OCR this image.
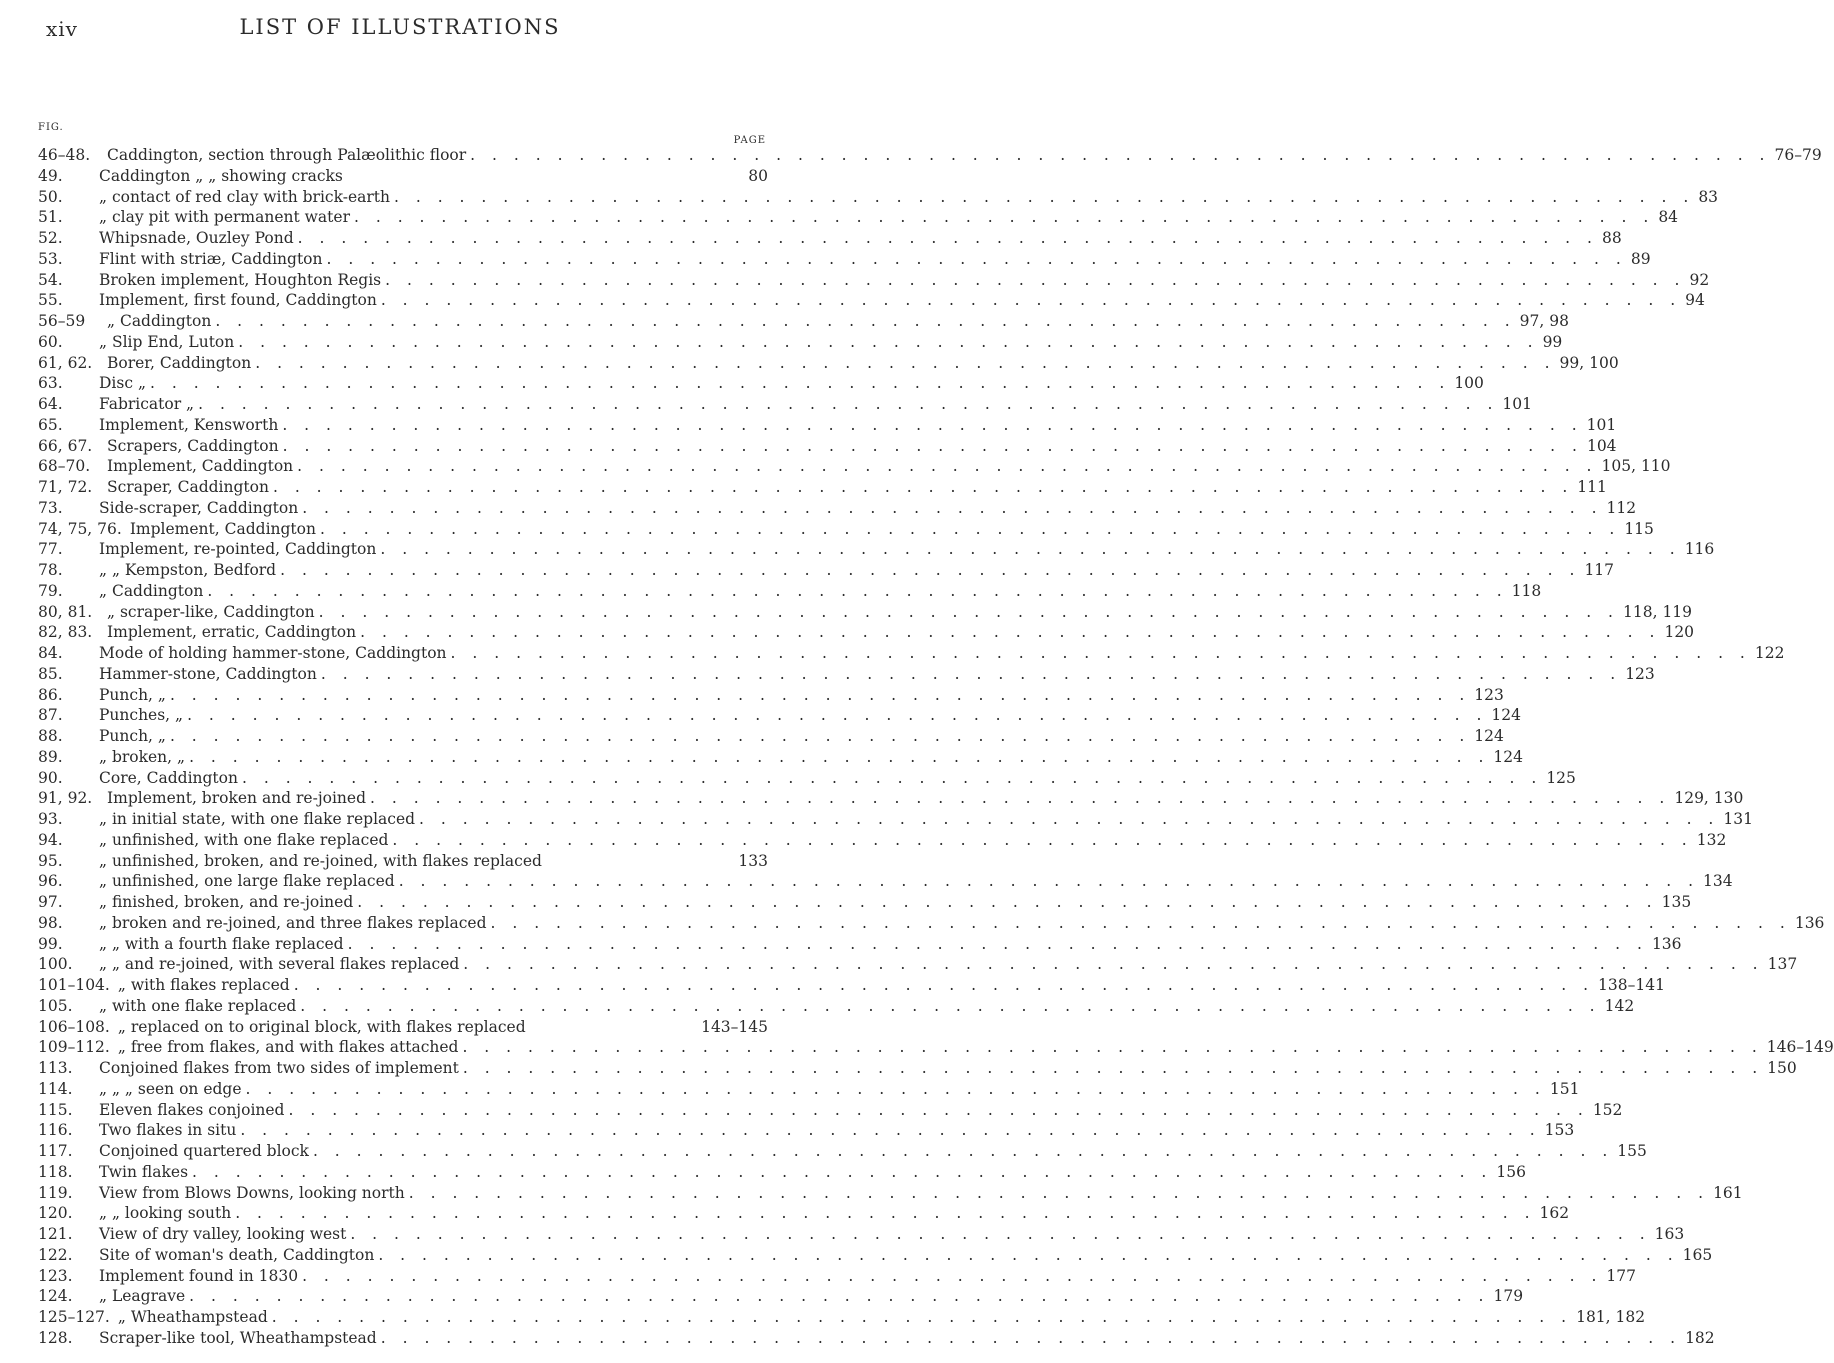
xiv	LIST OF ILLUSTRATIONS
FIG.
PAGE
46–48.	Caddington, section through Palæolithic floor . . . . . . . . . . . . . . . . . . . . . . . . . . . . . . . . . . . . . . . . . . . . . . . . . . . . . . . . . . . . 76–79
49.	Caddington „ „ showing cracks	80
50.	„ contact of red clay with brick-earth . . . . . . . . . . . . . . . . . . . . . . . . . . . . . . . . . . . . . . . . . . . . . . . . . . . . . . . . . . . . 83
51.	„ clay pit with permanent water . . . . . . . . . . . . . . . . . . . . . . . . . . . . . . . . . . . . . . . . . . . . . . . . . . . . . . . . . . . . 84
52.	Whipsnade, Ouzley Pond . . . . . . . . . . . . . . . . . . . . . . . . . . . . . . . . . . . . . . . . . . . . . . . . . . . . . . . . . . . . 88
53.	Flint with striæ, Caddington . . . . . . . . . . . . . . . . . . . . . . . . . . . . . . . . . . . . . . . . . . . . . . . . . . . . . . . . . . . . 89
54.	Broken implement, Houghton Regis . . . . . . . . . . . . . . . . . . . . . . . . . . . . . . . . . . . . . . . . . . . . . . . . . . . . . . . . . . . . 92
55.	Implement, first found, Caddington . . . . . . . . . . . . . . . . . . . . . . . . . . . . . . . . . . . . . . . . . . . . . . . . . . . . . . . . . . . . 94
56–59	„ Caddington . . . . . . . . . . . . . . . . . . . . . . . . . . . . . . . . . . . . . . . . . . . . . . . . . . . . . . . . . . . . 97, 98
60.	„ Slip End, Luton . . . . . . . . . . . . . . . . . . . . . . . . . . . . . . . . . . . . . . . . . . . . . . . . . . . . . . . . . . . . 99
61, 62. Borer, Caddington . . . . . . . . . . . . . . . . . . . . . . . . . . . . . . . . . . . . . . . . . . . . . . . . . . . . . . . . . . . . 99, 100
63.	Disc „ . . . . . . . . . . . . . . . . . . . . . . . . . . . . . . . . . . . . . . . . . . . . . . . . . . . . . . . . . . . . 100
64.	Fabricator „ . . . . . . . . . . . . . . . . . . . . . . . . . . . . . . . . . . . . . . . . . . . . . . . . . . . . . . . . . . . . 101
65.	Implement, Kensworth . . . . . . . . . . . . . . . . . . . . . . . . . . . . . . . . . . . . . . . . . . . . . . . . . . . . . . . . . . . . 101
66, 67. Scrapers, Caddington . . . . . . . . . . . . . . . . . . . . . . . . . . . . . . . . . . . . . . . . . . . . . . . . . . . . . . . . . . . . 104
68–70.	Implement, Caddington . . . . . . . . . . . . . . . . . . . . . . . . . . . . . . . . . . . . . . . . . . . . . . . . . . . . . . . . . . . . 105, 110
71, 72. Scraper, Caddington . . . . . . . . . . . . . . . . . . . . . . . . . . . . . . . . . . . . . . . . . . . . . . . . . . . . . . . . . . . . 111
73.	Side-scraper, Caddington . . . . . . . . . . . . . . . . . . . . . . . . . . . . . . . . . . . . . . . . . . . . . . . . . . . . . . . . . . . . 112
74, 75, 76. Implement, Caddington . . . . . . . . . . . . . . . . . . . . . . . . . . . . . . . . . . . . . . . . . . . . . . . . . . . . . . . . . . . . 115
77.	Implement, re-pointed, Caddington . . . . . . . . . . . . . . . . . . . . . . . . . . . . . . . . . . . . . . . . . . . . . . . . . . . . . . . . . . . . 116
78.	„ „ Kempston, Bedford . . . . . . . . . . . . . . . . . . . . . . . . . . . . . . . . . . . . . . . . . . . . . . . . . . . . . . . . . . . . 117
79.	„ Caddington . . . . . . . . . . . . . . . . . . . . . . . . . . . . . . . . . . . . . . . . . . . . . . . . . . . . . . . . . . . . 118
80, 81. „ scraper-like, Caddington . . . . . . . . . . . . . . . . . . . . . . . . . . . . . . . . . . . . . . . . . . . . . . . . . . . . . . . . . . . . 118, 119
82, 83. Implement, erratic, Caddington . . . . . . . . . . . . . . . . . . . . . . . . . . . . . . . . . . . . . . . . . . . . . . . . . . . . . . . . . . . . 120
84.	Mode of holding hammer-stone, Caddington . . . . . . . . . . . . . . . . . . . . . . . . . . . . . . . . . . . . . . . . . . . . . . . . . . . . . . . . . . . . 122
85.	Hammer-stone, Caddington . . . . . . . . . . . . . . . . . . . . . . . . . . . . . . . . . . . . . . . . . . . . . . . . . . . . . . . . . . . . 123
86.	Punch, „ . . . . . . . . . . . . . . . . . . . . . . . . . . . . . . . . . . . . . . . . . . . . . . . . . . . . . . . . . . . . 123
87.	Punches, „ . . . . . . . . . . . . . . . . . . . . . . . . . . . . . . . . . . . . . . . . . . . . . . . . . . . . . . . . . . . . 124
88.	Punch, „ . . . . . . . . . . . . . . . . . . . . . . . . . . . . . . . . . . . . . . . . . . . . . . . . . . . . . . . . . . . . 124
89.	„ broken, „ . . . . . . . . . . . . . . . . . . . . . . . . . . . . . . . . . . . . . . . . . . . . . . . . . . . . . . . . . . . . 124
90.	Core, Caddington . . . . . . . . . . . . . . . . . . . . . . . . . . . . . . . . . . . . . . . . . . . . . . . . . . . . . . . . . . . . 125
91, 92. Implement, broken and re-joined . . . . . . . . . . . . . . . . . . . . . . . . . . . . . . . . . . . . . . . . . . . . . . . . . . . . . . . . . . . . 129, 130
93.	„ in initial state, with one flake replaced . . . . . . . . . . . . . . . . . . . . . . . . . . . . . . . . . . . . . . . . . . . . . . . . . . . . . . . . . . . . 131
94.	„ unfinished, with one flake replaced . . . . . . . . . . . . . . . . . . . . . . . . . . . . . . . . . . . . . . . . . . . . . . . . . . . . . . . . . . . . 132
95.	„ unfinished, broken, and re-joined, with flakes replaced	133
96.	„ unfinished, one large flake replaced . . . . . . . . . . . . . . . . . . . . . . . . . . . . . . . . . . . . . . . . . . . . . . . . . . . . . . . . . . . . 134
97.	„ finished, broken, and re-joined . . . . . . . . . . . . . . . . . . . . . . . . . . . . . . . . . . . . . . . . . . . . . . . . . . . . . . . . . . . . 135
98.	„ broken and re-joined, and three flakes replaced . . . . . . . . . . . . . . . . . . . . . . . . . . . . . . . . . . . . . . . . . . . . . . . . . . . . . . . . . . . . 136
99.	„ „ with a fourth flake replaced . . . . . . . . . . . . . . . . . . . . . . . . . . . . . . . . . . . . . . . . . . . . . . . . . . . . . . . . . . . . 136
100.	„ „ and re-joined, with several flakes replaced . . . . . . . . . . . . . . . . . . . . . . . . . . . . . . . . . . . . . . . . . . . . . . . . . . . . . . . . . . . . 137
101–104. „ with flakes replaced . . . . . . . . . . . . . . . . . . . . . . . . . . . . . . . . . . . . . . . . . . . . . . . . . . . . . . . . . . . . 138–141
105.	„ with one flake replaced . . . . . . . . . . . . . . . . . . . . . . . . . . . . . . . . . . . . . . . . . . . . . . . . . . . . . . . . . . . . 142
106–108. „ replaced on to original block, with flakes replaced	143–145
109–112. „ free from flakes, and with flakes attached . . . . . . . . . . . . . . . . . . . . . . . . . . . . . . . . . . . . . . . . . . . . . . . . . . . . . . . . . . . . 146–149
113.	Conjoined flakes from two sides of implement . . . . . . . . . . . . . . . . . . . . . . . . . . . . . . . . . . . . . . . . . . . . . . . . . . . . . . . . . . . . 150
114.	„ „ „ seen on edge . . . . . . . . . . . . . . . . . . . . . . . . . . . . . . . . . . . . . . . . . . . . . . . . . . . . . . . . . . . . 151
115.	Eleven flakes conjoined . . . . . . . . . . . . . . . . . . . . . . . . . . . . . . . . . . . . . . . . . . . . . . . . . . . . . . . . . . . . 152
116.	Two flakes in situ . . . . . . . . . . . . . . . . . . . . . . . . . . . . . . . . . . . . . . . . . . . . . . . . . . . . . . . . . . . . 153
117.	Conjoined quartered block . . . . . . . . . . . . . . . . . . . . . . . . . . . . . . . . . . . . . . . . . . . . . . . . . . . . . . . . . . . . 155
118.	Twin flakes . . . . . . . . . . . . . . . . . . . . . . . . . . . . . . . . . . . . . . . . . . . . . . . . . . . . . . . . . . . . 156
119.	View from Blows Downs, looking north . . . . . . . . . . . . . . . . . . . . . . . . . . . . . . . . . . . . . . . . . . . . . . . . . . . . . . . . . . . . 161
120.	„ „ looking south . . . . . . . . . . . . . . . . . . . . . . . . . . . . . . . . . . . . . . . . . . . . . . . . . . . . . . . . . . . . 162
121.	View of dry valley, looking west . . . . . . . . . . . . . . . . . . . . . . . . . . . . . . . . . . . . . . . . . . . . . . . . . . . . . . . . . . . . 163
122.	Site of woman's death, Caddington . . . . . . . . . . . . . . . . . . . . . . . . . . . . . . . . . . . . . . . . . . . . . . . . . . . . . . . . . . . . 165
123.	Implement found in 1830 . . . . . . . . . . . . . . . . . . . . . . . . . . . . . . . . . . . . . . . . . . . . . . . . . . . . . . . . . . . . 177
124.	„ Leagrave . . . . . . . . . . . . . . . . . . . . . . . . . . . . . . . . . . . . . . . . . . . . . . . . . . . . . . . . . . . . 179
125–127. „ Wheathampstead . . . . . . . . . . . . . . . . . . . . . . . . . . . . . . . . . . . . . . . . . . . . . . . . . . . . . . . . . . . . 181, 182
128.	Scraper-like tool, Wheathampstead . . . . . . . . . . . . . . . . . . . . . . . . . . . . . . . . . . . . . . . . . . . . . . . . . . . . . . . . . . . . 182
